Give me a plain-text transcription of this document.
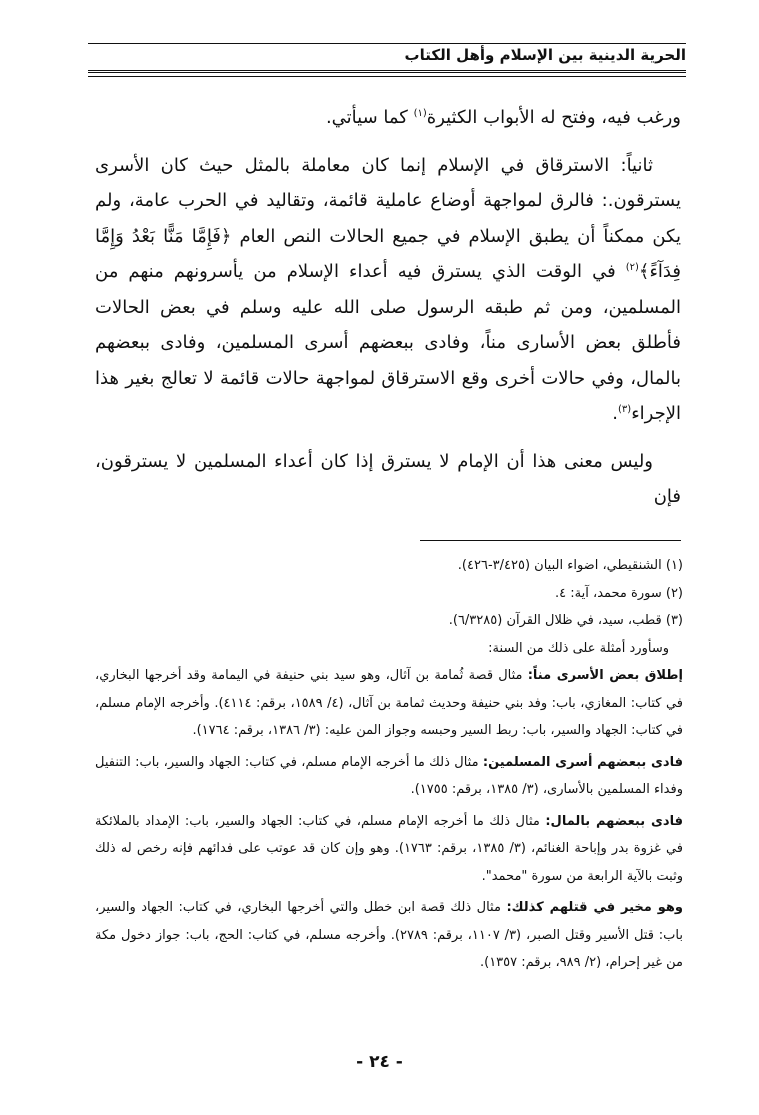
الحرية الدينية بين الإسلام وأهل الكتاب

ورغب فيه، وفتح له الأبواب الكثيرة$^{(١)}$ كما سيأتي.

ثانياً: الاسترقاق في الإسلام إنما كان معاملة بالمثل حيث كان الأسرى يسترقون.: فالرق لمواجهة أوضاع عاملية قائمة، وتقاليد في الحرب عامة، ولم يكن ممكناً أن يطبق الإسلام في جميع الحالات النص العام ﴿فَإِمَّا مَنًّا بَعْدُ وَإِمَّا فِدَآءً﴾$^{(٢)}$ في الوقت الذي يسترق فيه أعداء الإسلام من يأسرونهم منهم من المسلمين، ومن ثم طبقه الرسول صلى الله عليه وسلم في بعض الحالات فأطلق بعض الأسارى مناً، وفادى ببعضهم أسرى المسلمين، وفادى ببعضهم بالمال، وفي حالات أخرى وقع الاسترقاق لمواجهة حالات قائمة لا تعالج بغير هذا الإجراء$^{(٣)}$.

وليس معنى هذا أن الإمام لا يسترق إذا كان أعداء المسلمين لا يسترقون، فإن

(١) الشنقيطي، اضواء البيان (٣/٤٢٥-٤٢٦).

(٢) سورة محمد، آية: ٤.

(٣) قطب، سيد، في ظلال القرآن (٦/٣٢٨٥).

وسأورد أمثلة على ذلك من السنة:

إطلاق بعض الأسرى مناً: مثال قصة ثُمامة بن آثال، وهو سيد بني حنيفة في اليمامة وقد أخرجها البخاري، في كتاب: المغازي، باب: وفد بني حنيفة وحديث ثمامة بن آثال، (٤/ ١٥٨٩، برقم: ٤١١٤). وأخرجه الإمام مسلم، في كتاب: الجهاد والسير، باب: ربط السير وحبسه وجواز المن عليه: (٣/ ١٣٨٦، برقم: ١٧٦٤).

فادى ببعضهم أسرى المسلمين: مثال ذلك ما أخرجه الإمام مسلم، في كتاب: الجهاد والسير، باب: التنفيل وفداء المسلمين بالأسارى، (٣/ ١٣٨٥، برقم: ١٧٥٥).

فادى ببعضهم بالمال: مثال ذلك ما أخرجه الإمام مسلم، في كتاب: الجهاد والسير، باب: الإمداد بالملائكة في غزوة بدر وإباحة الغنائم، (٣/ ١٣٨٥، برقم: ١٧٦٣). وهو وإن كان قد عوتب على فدائهم فإنه رخص له ذلك وثبت بالآية الرابعة من سورة "محمد".

وهو مخير في قتلهم كذلك: مثال ذلك قصة ابن خطل والتي أخرجها البخاري، في كتاب: الجهاد والسير، باب: قتل الأسير وقتل الصبر، (٣/ ١١٠٧، برقم: ٢٧٨٩). وأخرجه مسلم، في كتاب: الحج، باب: جواز دخول مكة من غير إحرام، (٢/ ٩٨٩، برقم: ١٣٥٧).

- ٢٤ -
